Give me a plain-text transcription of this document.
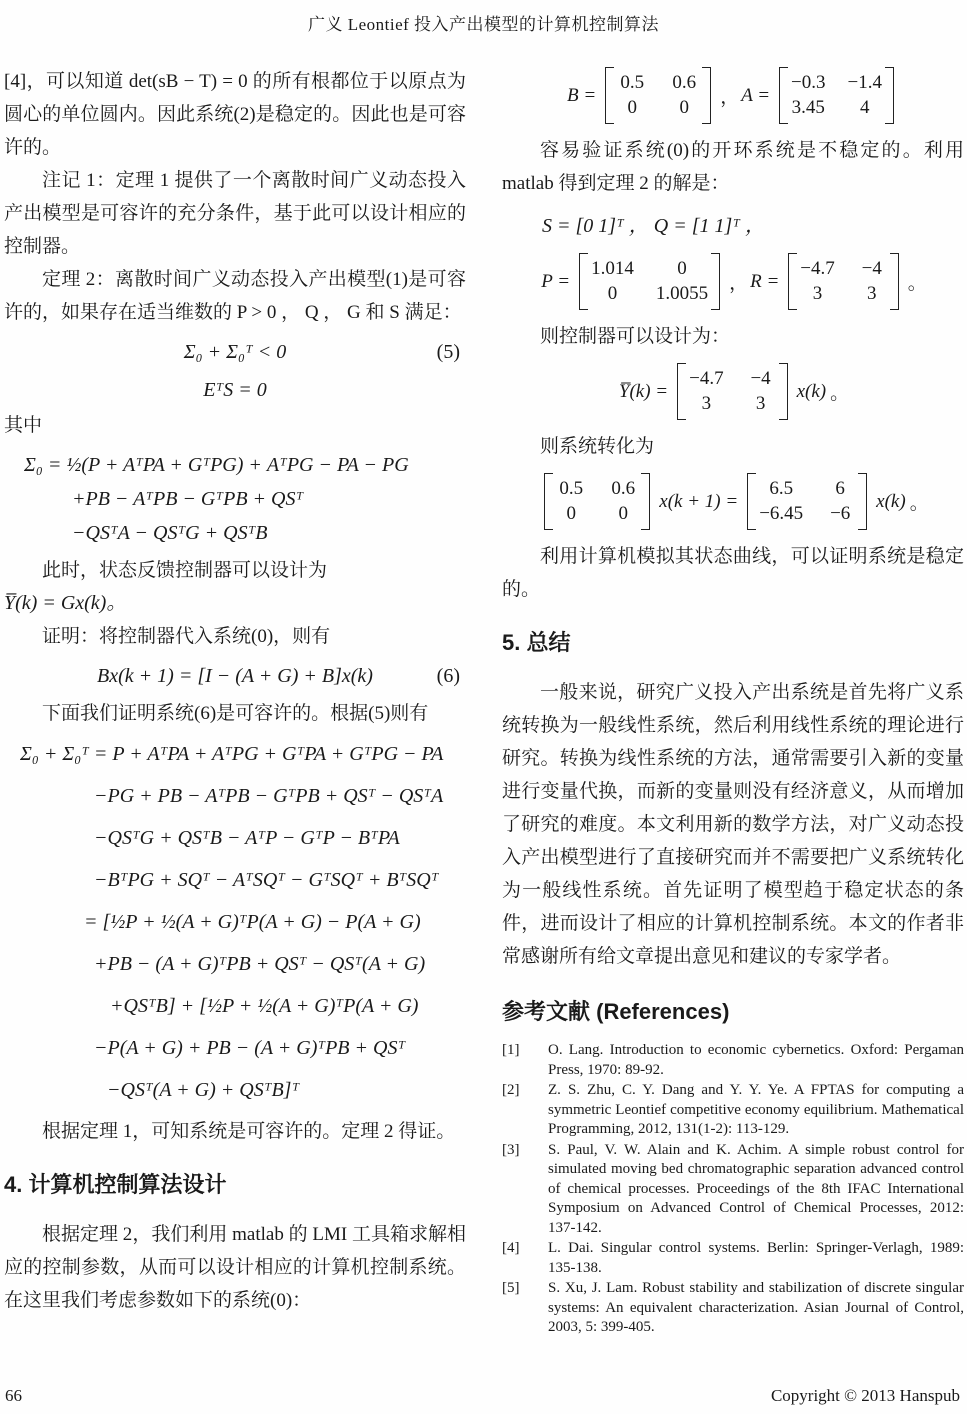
广义 Leontief 投入产出模型的计算机控制算法

[4]，可以知道 det(sB − T) = 0 的所有根都位于以原点为圆心的单位圆内。因此系统(2)是稳定的。因此也是可容许的。

注记 1：定理 1 提供了一个离散时间广义动态投入产出模型是可容许的充分条件，基于此可以设计相应的控制器。

定理 2：离散时间广义动态投入产出模型(1)是可容许的，如果存在适当维数的 P > 0 ， Q ， G 和 S 满足：

Σ₀ + Σ₀ᵀ < 0	(5)
EᵀS = 0

其中

Σ₀ = ½(P + AᵀPA + GᵀPG) + AᵀPG − PA − PG
+PB − AᵀPB − GᵀPB + QSᵀ
−QSᵀA − QSᵀG + QSᵀB

此时，状态反馈控制器可以设计为

Y̅(k) = Gx(k)。

证明：将控制器代入系统(0)，则有

Bx(k + 1) = [I − (A + G) + B]x(k)	(6)

下面我们证明系统(6)是可容许的。根据(5)则有

Σ₀ + Σ₀ᵀ = P + AᵀPA + AᵀPG + GᵀPA + GᵀPG − PA
−PG + PB − AᵀPB − GᵀPB + QSᵀ − QSᵀA
−QSᵀG + QSᵀB − AᵀP − GᵀP − BᵀPA
−BᵀPG + SQᵀ − AᵀSQᵀ − GᵀSQᵀ + BᵀSQᵀ
= [½P + ½(A + G)ᵀP(A + G) − P(A + G)
+PB − (A + G)ᵀPB + QSᵀ − QSᵀ(A + G)
+QSᵀB] + [½P + ½(A + G)ᵀP(A + G)
−P(A + G) + PB − (A + G)ᵀPB + QSᵀ
−QSᵀ(A + G) + QSᵀB]ᵀ

根据定理 1，可知系统是可容许的。定理 2 得证。

4. 计算机控制算法设计

根据定理 2，我们利用 matlab 的 LMI 工具箱求解相应的控制参数，从而可以设计相应的计算机控制系统。在这里我们考虑参数如下的系统(0)：

B =
0.5 0.6
0	0	， A =
−0.3 −1.4
3.45	4

容易验证系统(0)的开环系统是不稳定的。利用 matlab 得到定理 2 的解是：

S = [0 1]ᵀ ， Q = [1 1]ᵀ ，
P =
1.014	0
0	1.0055 ， R =
−4.7 −4
3	3	。

则控制器可以设计为：

Y̅(k) =
−4.7 −4
3	3
x(k) 。

则系统转化为

0.5 0.6
0	0
x(k + 1) =
6.5	6
−6.45 −6
x(k) 。

利用计算机模拟其状态曲线，可以证明系统是稳定的。

5. 总结

一般来说，研究广义投入产出系统是首先将广义系统转换为一般线性系统，然后利用线性系统的理论进行研究。转换为线性系统的方法，通常需要引入新的变量进行变量代换，而新的变量则没有经济意义，从而增加了研究的难度。本文利用新的数学方法，对广义动态投入产出模型进行了直接研究而并不需要把广义系统转化为一般线性系统。首先证明了模型趋于稳定状态的条件，进而设计了相应的计算机控制系统。本文的作者非常感谢所有给文章提出意见和建议的专家学者。

参考文献 (References)
[1]	O. Lang. Introduction to economic cybernetics. Oxford: Pergaman Press, 1970: 89-92.
[2]	Z. S. Zhu, C. Y. Dang and Y. Y. Ye. A FPTAS for computing a symmetric Leontief competitive economy equilibrium. Mathematical Programming, 2012, 131(1-2): 113-129.
[3]	S. Paul, V. W. Alain and K. Achim. A simple robust control for simulated moving bed chromatographic separation advanced control of chemical processes. Proceedings of the 8th IFAC International Symposium on Advanced Control of Chemical Processes, 2012: 137-142.
[4]	L. Dai. Singular control systems. Berlin: Springer-Verlagh, 1989: 135-138.
[5]	S. Xu, J. Lam. Robust stability and stabilization of discrete singular systems: An equivalent characterization. Asian Journal of Control, 2003, 5: 399-405.
66	Copyright © 2013 Hanspub
